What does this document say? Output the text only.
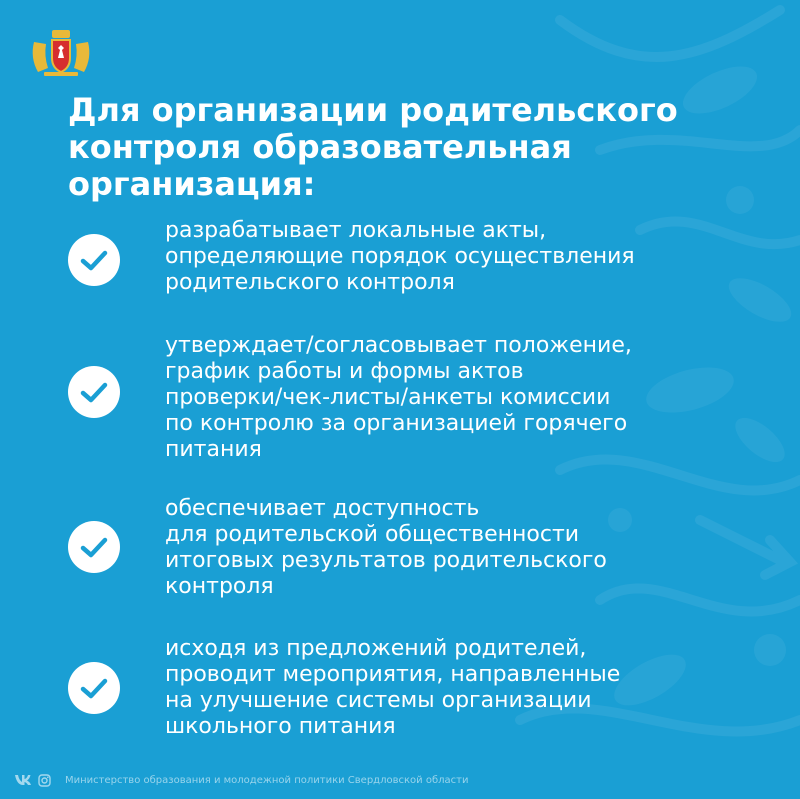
Для организации родительского
контроля образовательная
организация:
разрабатывает локальные акты,
определяющие порядок осуществления
родительского контроля
утверждает/согласовывает положение,
график работы и формы актов
проверки/чек-листы/анкеты комиссии
по контролю за организацией горячего
питания
обеспечивает доступность
для родительской общественности
итоговых результатов родительского
контроля
исходя из предложений родителей,
проводит мероприятия, направленные
на улучшение системы организации
школьного питания
Министерство образования и молодежной политики Свердловской области
